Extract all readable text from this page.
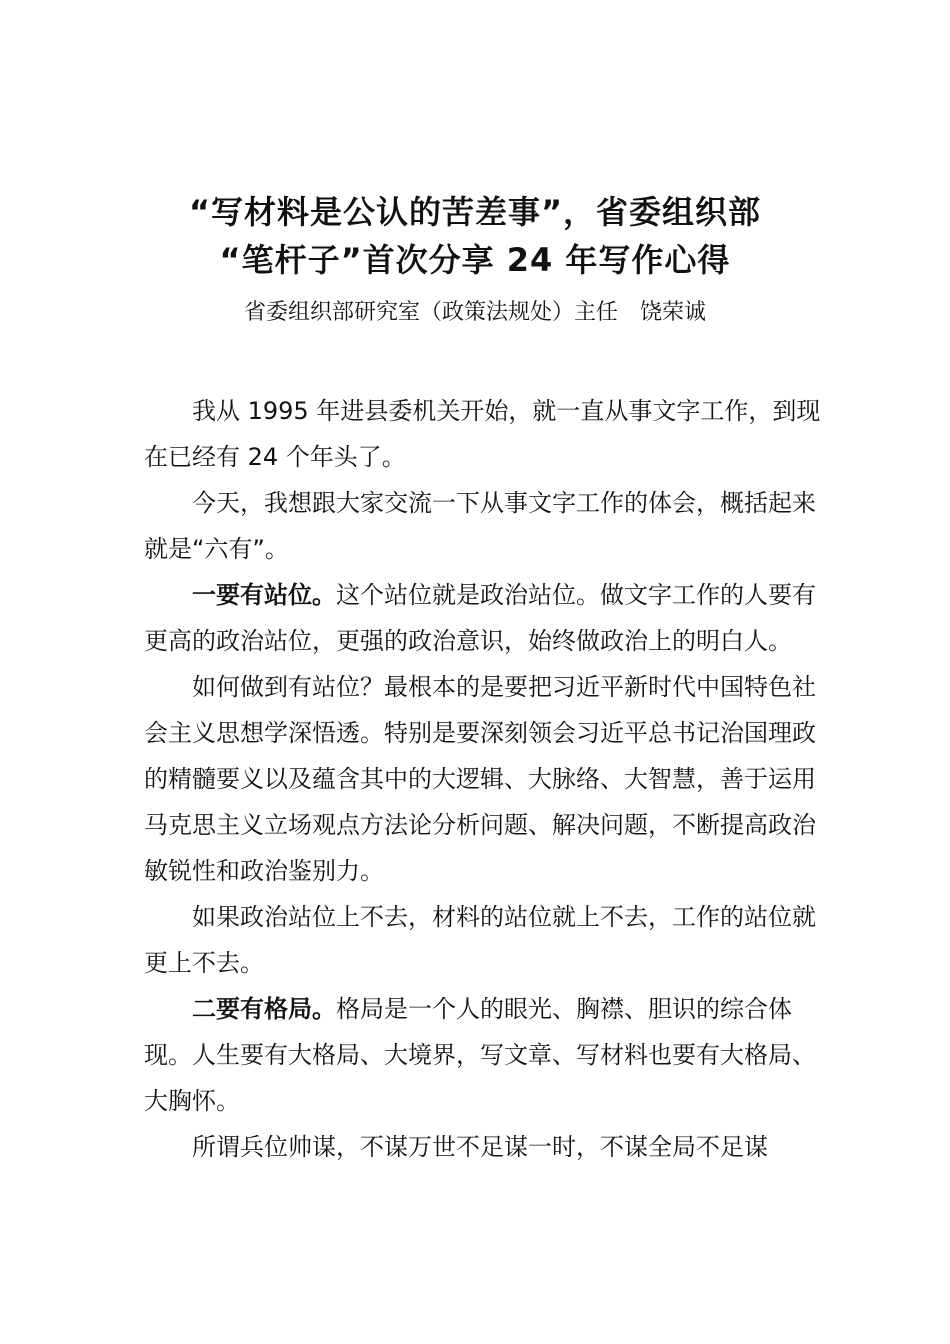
“写材料是公认的苦差事”，省委组织部
“笔杆子”首次分享 24 年写作心得
省委组织部研究室（政策法规处）主任　饶荣诚

我从 1995 年进县委机关开始，就一直从事文字工作，到现在已经有 24 个年头了。

今天，我想跟大家交流一下从事文字工作的体会，概括起来就是“六有”。

一要有站位。这个站位就是政治站位。做文字工作的人要有更高的政治站位，更强的政治意识，始终做政治上的明白人。

如何做到有站位？最根本的是要把习近平新时代中国特色社会主义思想学深悟透。特别是要深刻领会习近平总书记治国理政的精髓要义以及蕴含其中的大逻辑、大脉络、大智慧，善于运用马克思主义立场观点方法论分析问题、解决问题，不断提高政治敏锐性和政治鉴别力。

如果政治站位上不去，材料的站位就上不去，工作的站位就更上不去。

二要有格局。格局是一个人的眼光、胸襟、胆识的综合体现。人生要有大格局、大境界，写文章、写材料也要有大格局、大胸怀。

所谓兵位帅谋，不谋万世不足谋一时，不谋全局不足谋
